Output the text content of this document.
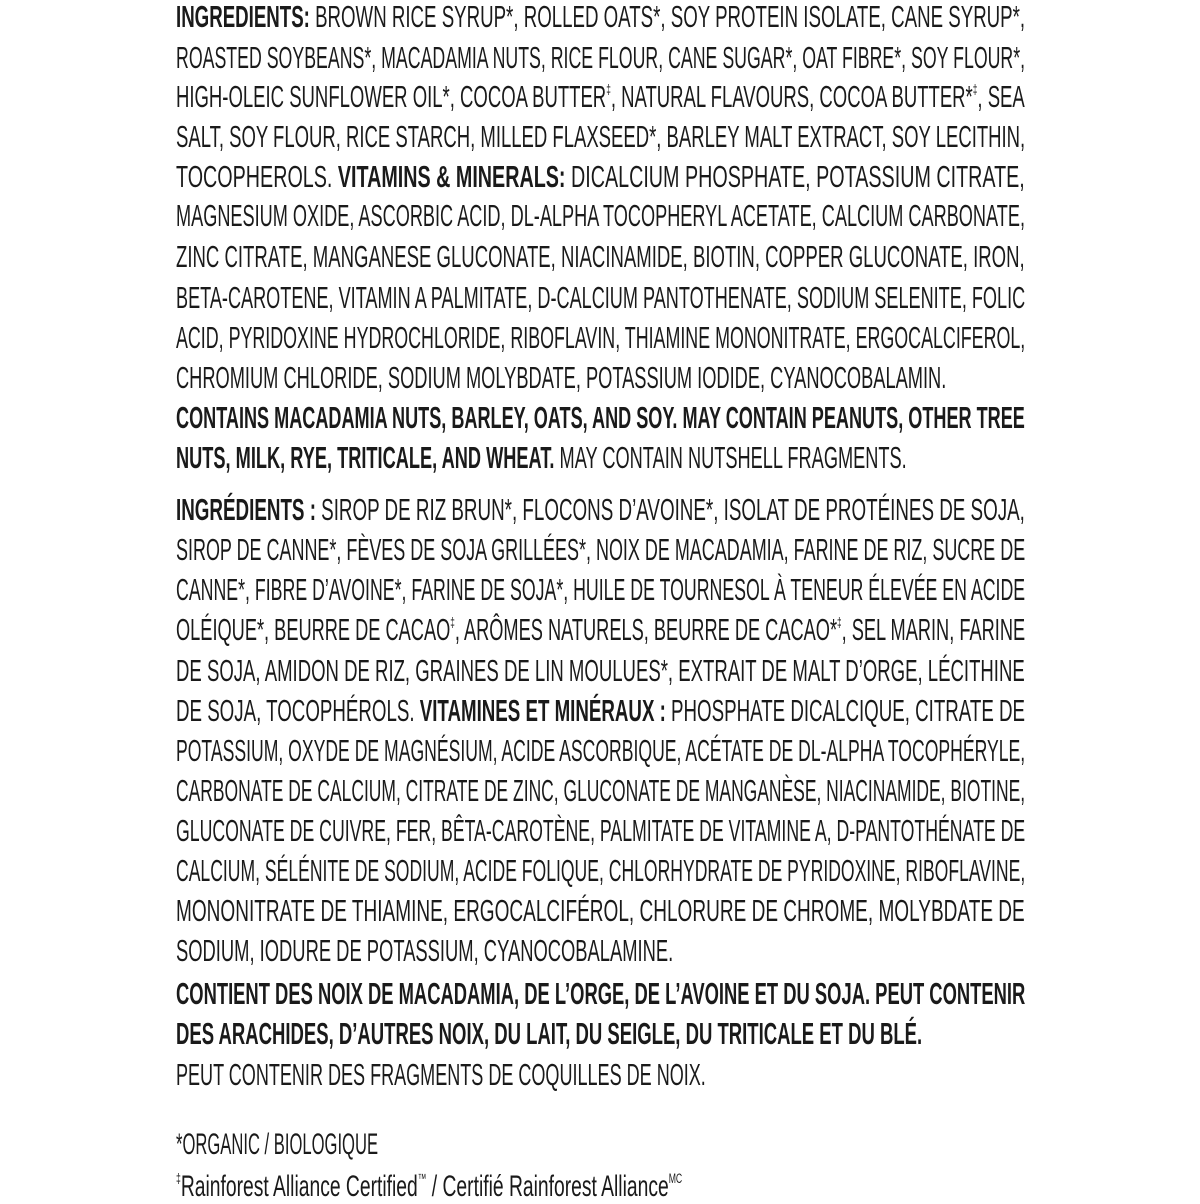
INGREDIENTS: BROWN RICE SYRUP*, ROLLED OATS*, SOY PROTEIN ISOLATE, CANE SYRUP*,
ROASTED SOYBEANS*, MACADAMIA NUTS, RICE FLOUR, CANE SUGAR*, OAT FIBRE*, SOY FLOUR*,
HIGH-OLEIC SUNFLOWER OIL*, COCOA BUTTER‡, NATURAL FLAVOURS, COCOA BUTTER*‡, SEA
SALT, SOY FLOUR, RICE STARCH, MILLED FLAXSEED*, BARLEY MALT EXTRACT, SOY LECITHIN,
TOCOPHEROLS. VITAMINS & MINERALS: DICALCIUM PHOSPHATE, POTASSIUM CITRATE,
MAGNESIUM OXIDE, ASCORBIC ACID, DL-ALPHA TOCOPHERYL ACETATE, CALCIUM CARBONATE,
ZINC CITRATE, MANGANESE GLUCONATE, NIACINAMIDE, BIOTIN, COPPER GLUCONATE, IRON,
BETA-CAROTENE, VITAMIN A PALMITATE, D-CALCIUM PANTOTHENATE, SODIUM SELENITE, FOLIC
ACID, PYRIDOXINE HYDROCHLORIDE, RIBOFLAVIN, THIAMINE MONONITRATE, ERGOCALCIFEROL,
CHROMIUM CHLORIDE, SODIUM MOLYBDATE, POTASSIUM IODIDE, CYANOCOBALAMIN.
CONTAINS MACADAMIA NUTS, BARLEY, OATS, AND SOY. MAY CONTAIN PEANUTS, OTHER TREE
NUTS, MILK, RYE, TRITICALE, AND WHEAT. MAY CONTAIN NUTSHELL FRAGMENTS.
INGRÉDIENTS : SIROP DE RIZ BRUN*, FLOCONS D’AVOINE*, ISOLAT DE PROTÉINES DE SOJA,
SIROP DE CANNE*, FÈVES DE SOJA GRILLÉES*, NOIX DE MACADAMIA, FARINE DE RIZ, SUCRE DE
CANNE*, FIBRE D’AVOINE*, FARINE DE SOJA*, HUILE DE TOURNESOL À TENEUR ÉLEVÉE EN ACIDE
OLÉIQUE*, BEURRE DE CACAO‡, ARÔMES NATURELS, BEURRE DE CACAO*‡, SEL MARIN, FARINE
DE SOJA, AMIDON DE RIZ, GRAINES DE LIN MOULUES*, EXTRAIT DE MALT D’ORGE, LÉCITHINE
DE SOJA, TOCOPHÉROLS. VITAMINES ET MINÉRAUX : PHOSPHATE DICALCIQUE, CITRATE DE
POTASSIUM, OXYDE DE MAGNÉSIUM, ACIDE ASCORBIQUE, ACÉTATE DE DL-ALPHA TOCOPHÉRYLE,
CARBONATE DE CALCIUM, CITRATE DE ZINC, GLUCONATE DE MANGANÈSE, NIACINAMIDE, BIOTINE,
GLUCONATE DE CUIVRE, FER, BÊTA-CAROTÈNE, PALMITATE DE VITAMINE A, D-PANTOTHÉNATE DE
CALCIUM, SÉLÉNITE DE SODIUM, ACIDE FOLIQUE, CHLORHYDRATE DE PYRIDOXINE, RIBOFLAVINE,
MONONITRATE DE THIAMINE, ERGOCALCIFÉROL, CHLORURE DE CHROME, MOLYBDATE DE
SODIUM, IODURE DE POTASSIUM, CYANOCOBALAMINE.
CONTIENT DES NOIX DE MACADAMIA, DE L’ORGE, DE L’AVOINE ET DU SOJA. PEUT CONTENIR
DES ARACHIDES, D’AUTRES NOIX, DU LAIT, DU SEIGLE, DU TRITICALE ET DU BLÉ.
PEUT CONTENIR DES FRAGMENTS DE COQUILLES DE NOIX.
*ORGANIC / BIOLOGIQUE
‡Rainforest Alliance Certified™ / Certifié Rainforest Alliance$^{MC}$
